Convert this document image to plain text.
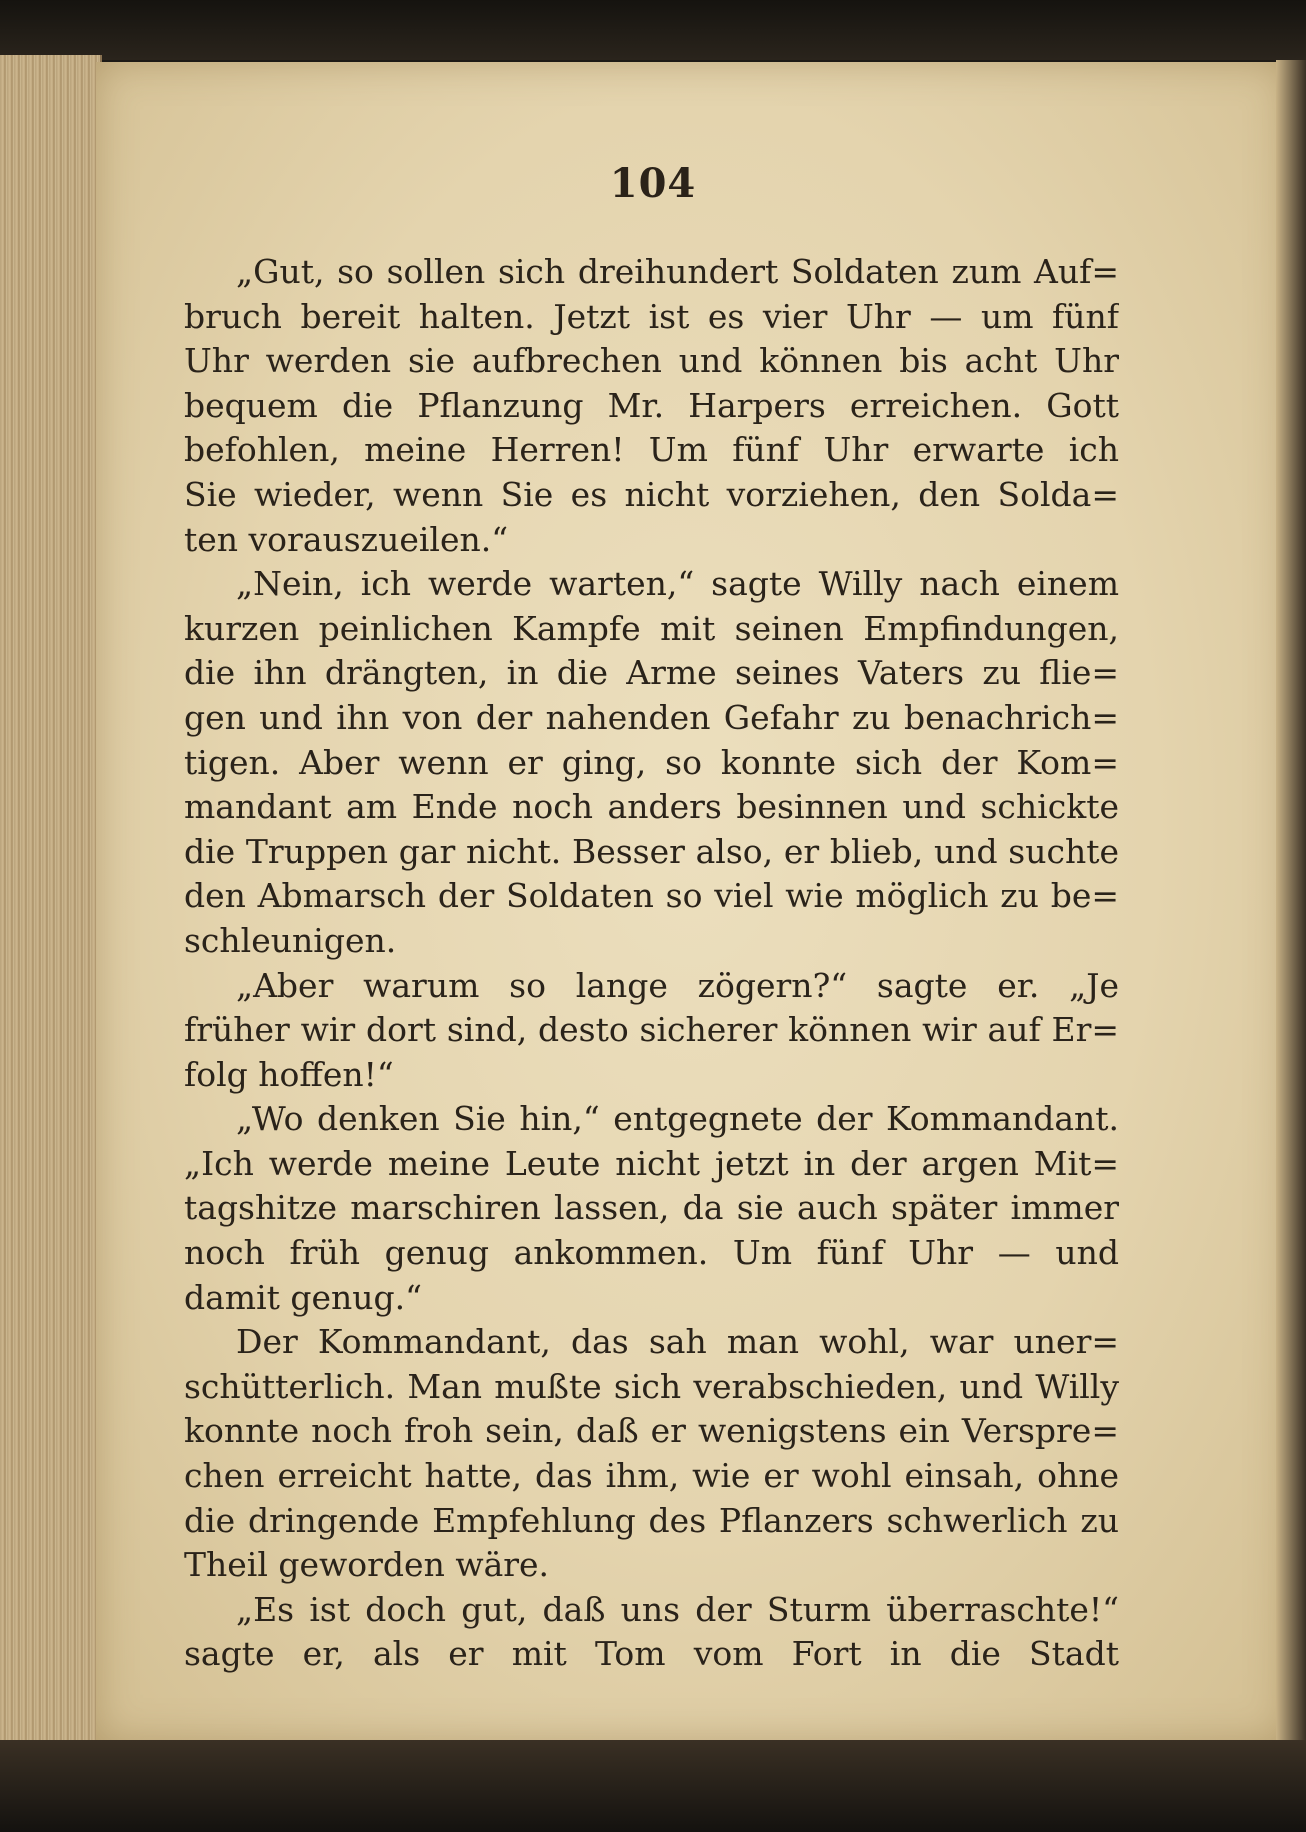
104
„Gut, so sollen sich dreihundert Soldaten zum Auf=
bruch bereit halten. Jetzt ist es vier Uhr — um fünf
Uhr werden sie aufbrechen und können bis acht Uhr
bequem die Pflanzung Mr. Harpers erreichen. Gott
befohlen, meine Herren! Um fünf Uhr erwarte ich
Sie wieder, wenn Sie es nicht vorziehen, den Solda=
ten vorauszueilen.“
„Nein, ich werde warten,“ sagte Willy nach einem
kurzen peinlichen Kampfe mit seinen Empfindungen,
die ihn drängten, in die Arme seines Vaters zu flie=
gen und ihn von der nahenden Gefahr zu benachrich=
tigen. Aber wenn er ging, so konnte sich der Kom=
mandant am Ende noch anders besinnen und schickte
die Truppen gar nicht. Besser also, er blieb, und suchte
den Abmarsch der Soldaten so viel wie möglich zu be=
schleunigen.
„Aber warum so lange zögern?“ sagte er. „Je
früher wir dort sind, desto sicherer können wir auf Er=
folg hoffen!“
„Wo denken Sie hin,“ entgegnete der Kommandant.
„Ich werde meine Leute nicht jetzt in der argen Mit=
tagshitze marschiren lassen, da sie auch später immer
noch früh genug ankommen. Um fünf Uhr — und
damit genug.“
Der Kommandant, das sah man wohl, war uner=
schütterlich. Man mußte sich verabschieden, und Willy
konnte noch froh sein, daß er wenigstens ein Verspre=
chen erreicht hatte, das ihm, wie er wohl einsah, ohne
die dringende Empfehlung des Pflanzers schwerlich zu
Theil geworden wäre.
„Es ist doch gut, daß uns der Sturm überraschte!“
sagte er, als er mit Tom vom Fort in die Stadt
